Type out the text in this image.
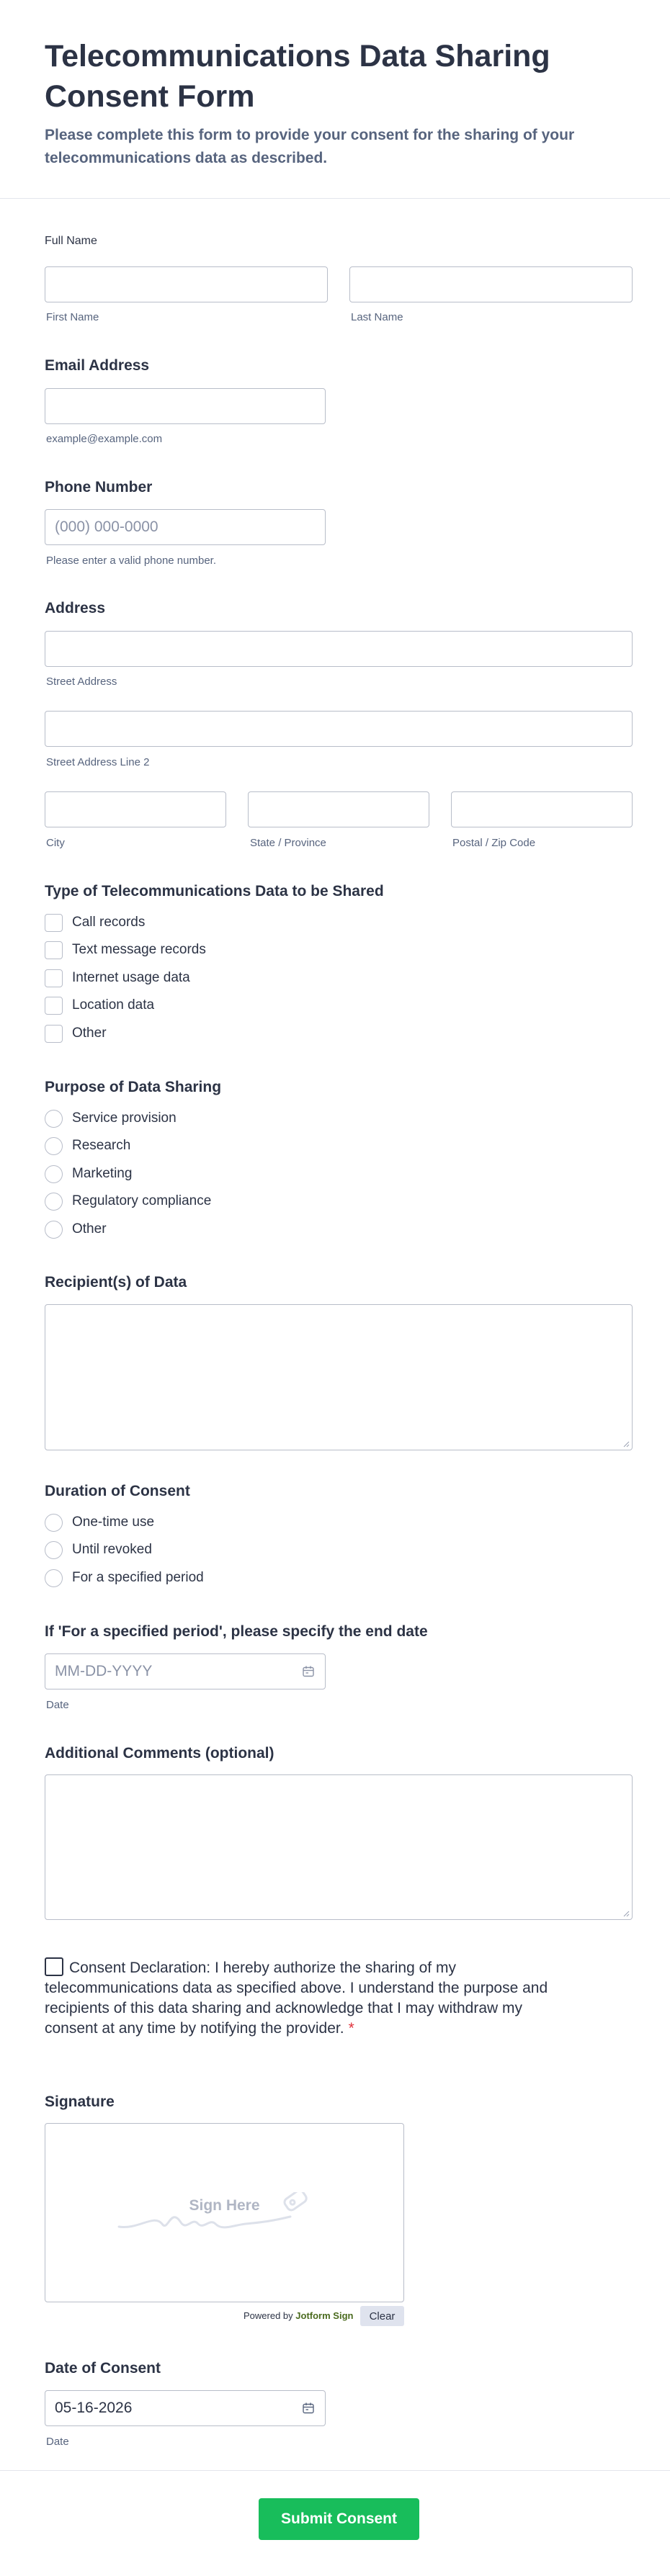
Telecommunications Data Sharing Consent Form
Please complete this form to provide your consent for the sharing of your telecommunications data as described.
Full Name
First Name	Last Name
Email Address
example@example.com
Phone Number
(000) 000-0000
Please enter a valid phone number.
Address
Street Address
Street Address Line 2
City	State / Province	Postal / Zip Code
Type of Telecommunications Data to be Shared
Call records
Text message records
Internet usage data
Location data
Other
Purpose of Data Sharing
Service provision
Research
Marketing
Regulatory compliance
Other
Recipient(s) of Data
Duration of Consent
One-time use
Until revoked
For a specified period
If 'For a specified period', please specify the end date
MM-DD-YYYY
Date
Additional Comments (optional)
Consent Declaration: I hereby authorize the sharing of my telecommunications data as specified above. I understand the purpose and recipients of this data sharing and acknowledge that I may withdraw my consent at any time by notifying the provider. *
Signature
Sign Here
Powered by Jotform Sign	Clear
Date of Consent
05-16-2026
Date
Submit Consent
